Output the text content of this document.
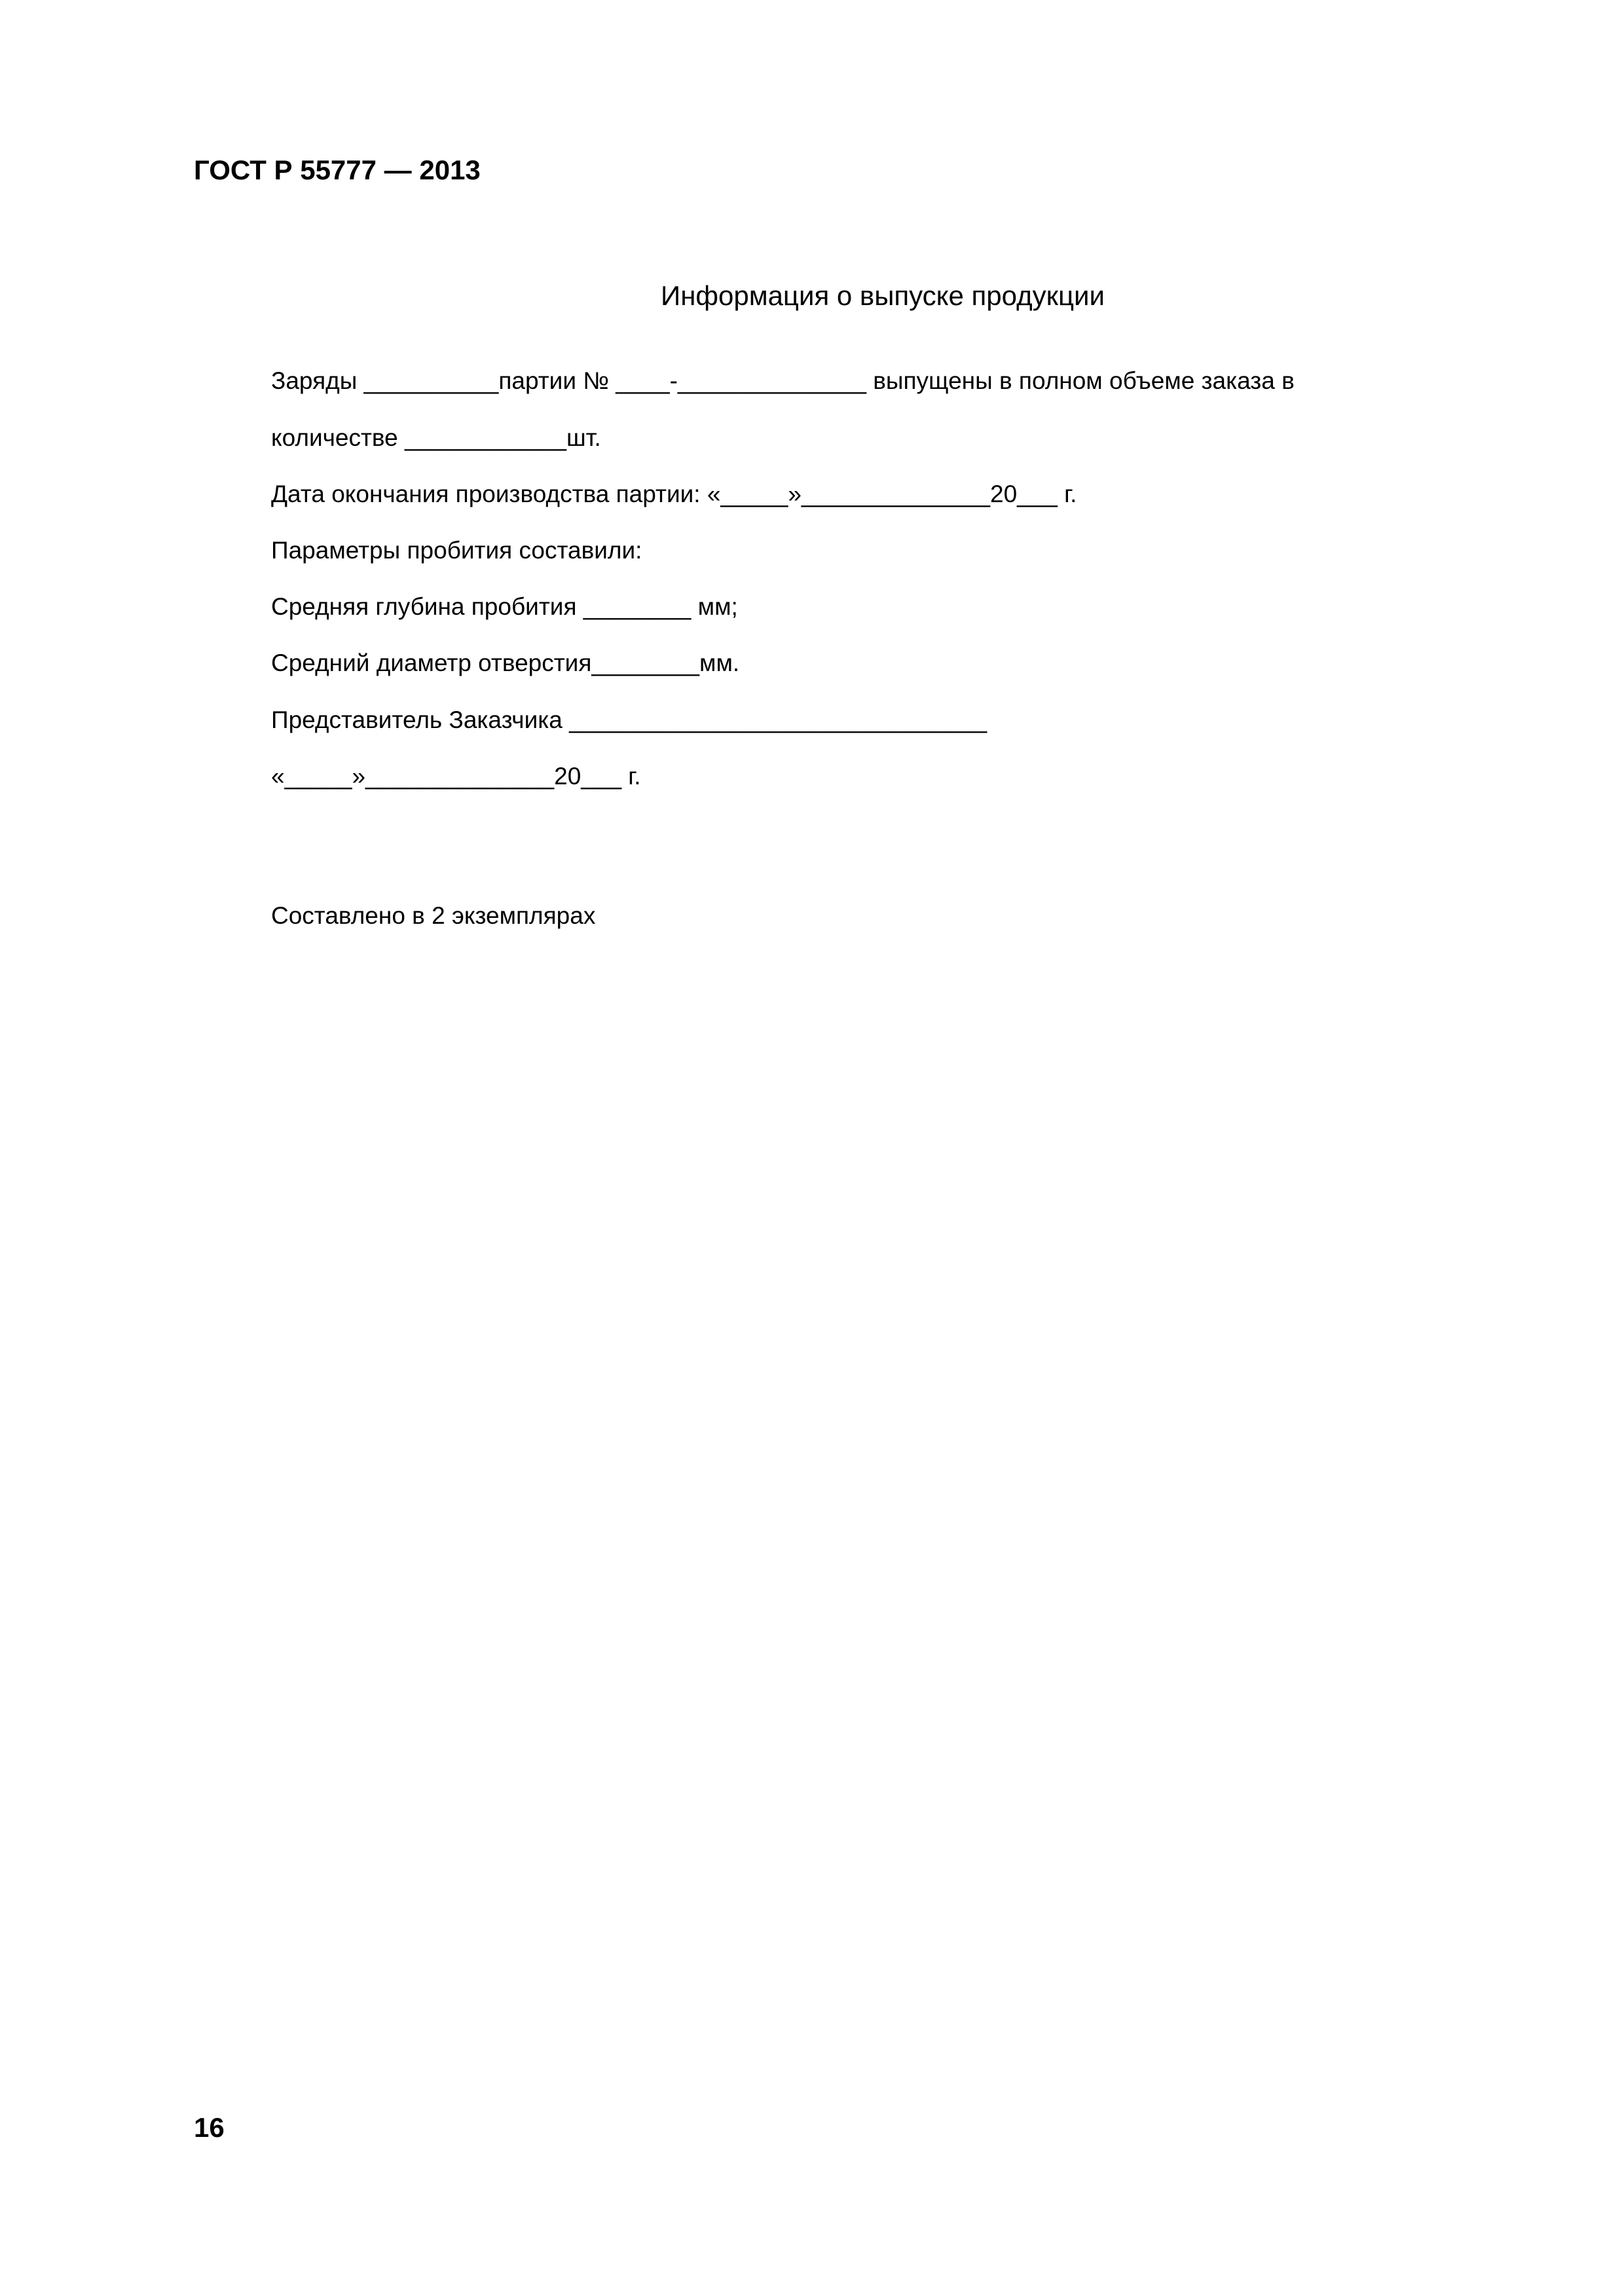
ГОСТ Р 55777 — 2013
Информация о выпуске продукции
Заряды __________партии № ____-______________ выпущены в полном объеме заказа в
количестве ____________шт.
Дата окончания производства партии: «_____»______________20___ г.
Параметры пробития составили:
Средняя глубина пробития ________ мм;
Средний диаметр отверстия________мм.
Представитель Заказчика _______________________________
«_____»______________20___ г.
Составлено в 2 экземплярах
16
